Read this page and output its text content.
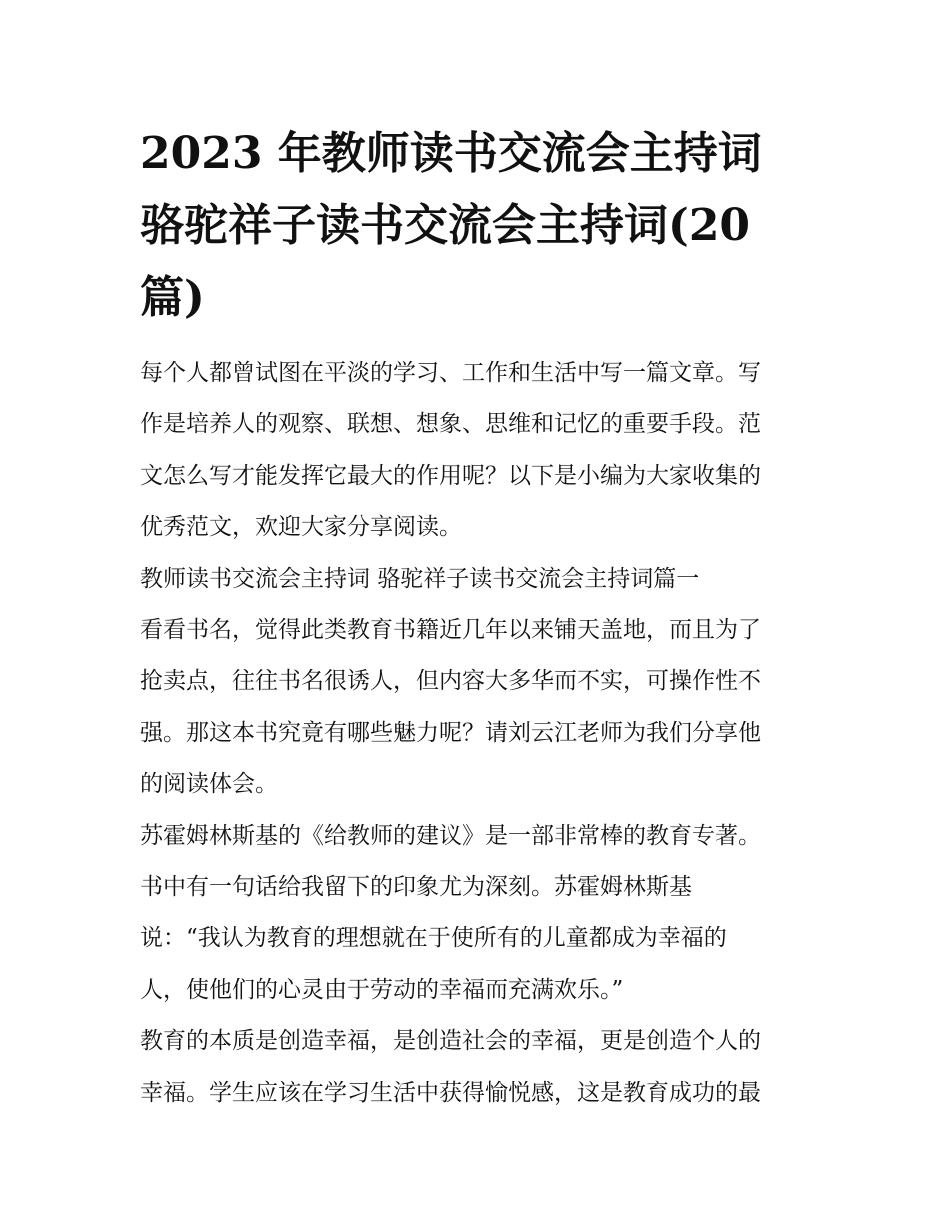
2023 年教师读书交流会主持词
骆驼祥子读书交流会主持词(20
篇)
每个人都曾试图在平淡的学习、工作和生活中写一篇文章。写
作是培养人的观察、联想、想象、思维和记忆的重要手段。范
文怎么写才能发挥它最大的作用呢？以下是小编为大家收集的
优秀范文，欢迎大家分享阅读。
教师读书交流会主持词 骆驼祥子读书交流会主持词篇一
看看书名，觉得此类教育书籍近几年以来铺天盖地，而且为了
抢卖点，往往书名很诱人，但内容大多华而不实，可操作性不
强。那这本书究竟有哪些魅力呢？请刘云江老师为我们分享他
的阅读体会。
苏霍姆林斯基的《给教师的建议》是一部非常棒的教育专著。
书中有一句话给我留下的印象尤为深刻。苏霍姆林斯基
说：“我认为教育的理想就在于使所有的儿童都成为幸福的
人，使他们的心灵由于劳动的幸福而充满欢乐。”
教育的本质是创造幸福，是创造社会的幸福，更是创造个人的
幸福。学生应该在学习生活中获得愉悦感，这是教育成功的最
